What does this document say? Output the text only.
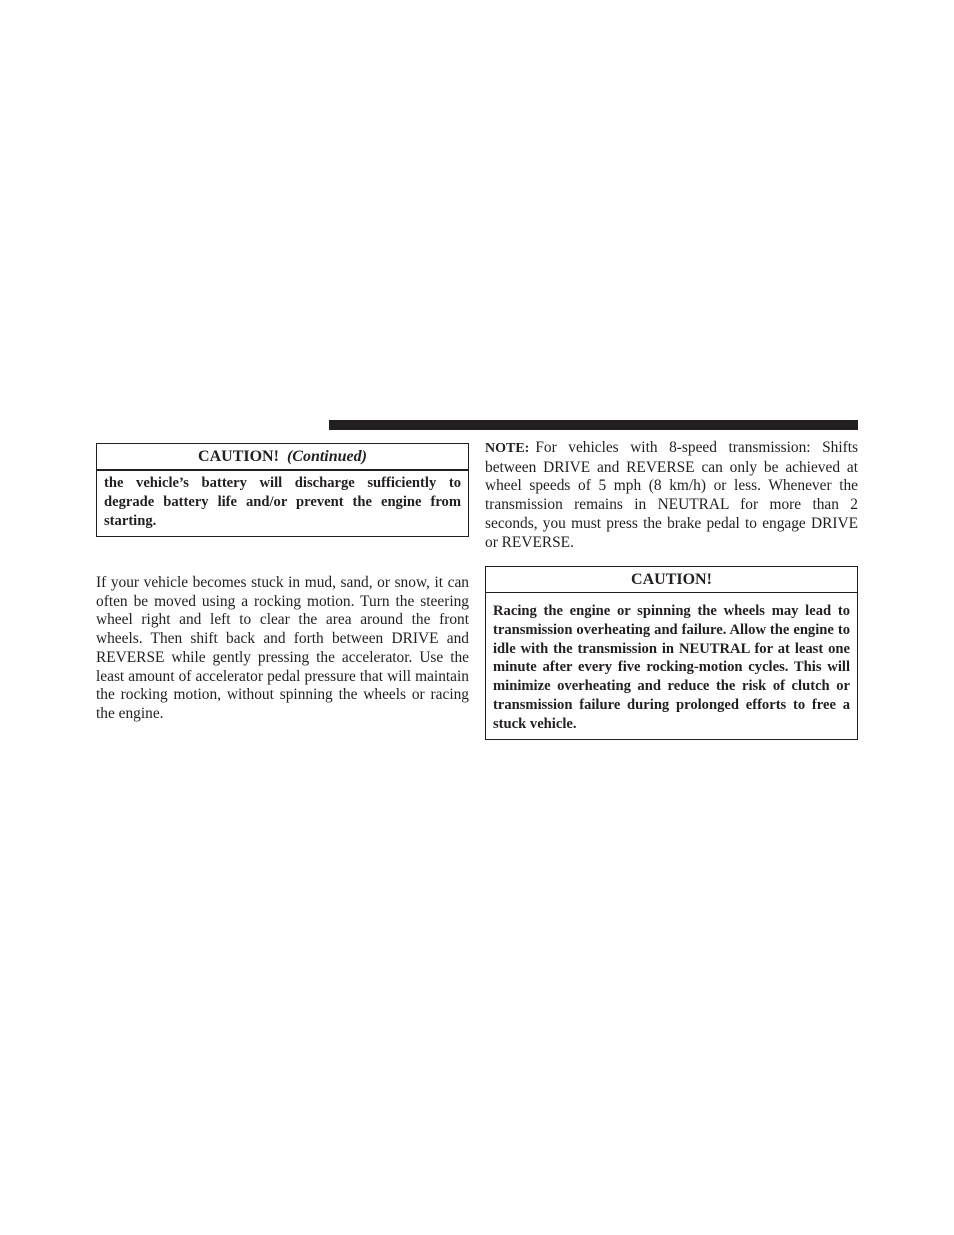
CAUTION! (Continued)
the vehicle’s battery will discharge sufficiently to degrade battery life and/or prevent the engine from starting.

If your vehicle becomes stuck in mud, sand, or snow, it can often be moved using a rocking motion. Turn the steering wheel right and left to clear the area around the front wheels. Then shift back and forth between DRIVE and REVERSE while gently pressing the accelerator. Use the least amount of accelerator pedal pressure that will maintain the rocking motion, without spinning the wheels or racing the engine.

NOTE: For vehicles with 8-speed transmission: Shifts between DRIVE and REVERSE can only be achieved at wheel speeds of 5 mph (8 km/h) or less. Whenever the transmission remains in NEUTRAL for more than 2 seconds, you must press the brake pedal to engage DRIVE or REVERSE.

CAUTION!
Racing the engine or spinning the wheels may lead to transmission overheating and failure. Allow the engine to idle with the transmission in NEUTRAL for at least one minute after every five rocking-motion cycles. This will minimize overheating and reduce the risk of clutch or transmission failure during prolonged efforts to free a stuck vehicle.
